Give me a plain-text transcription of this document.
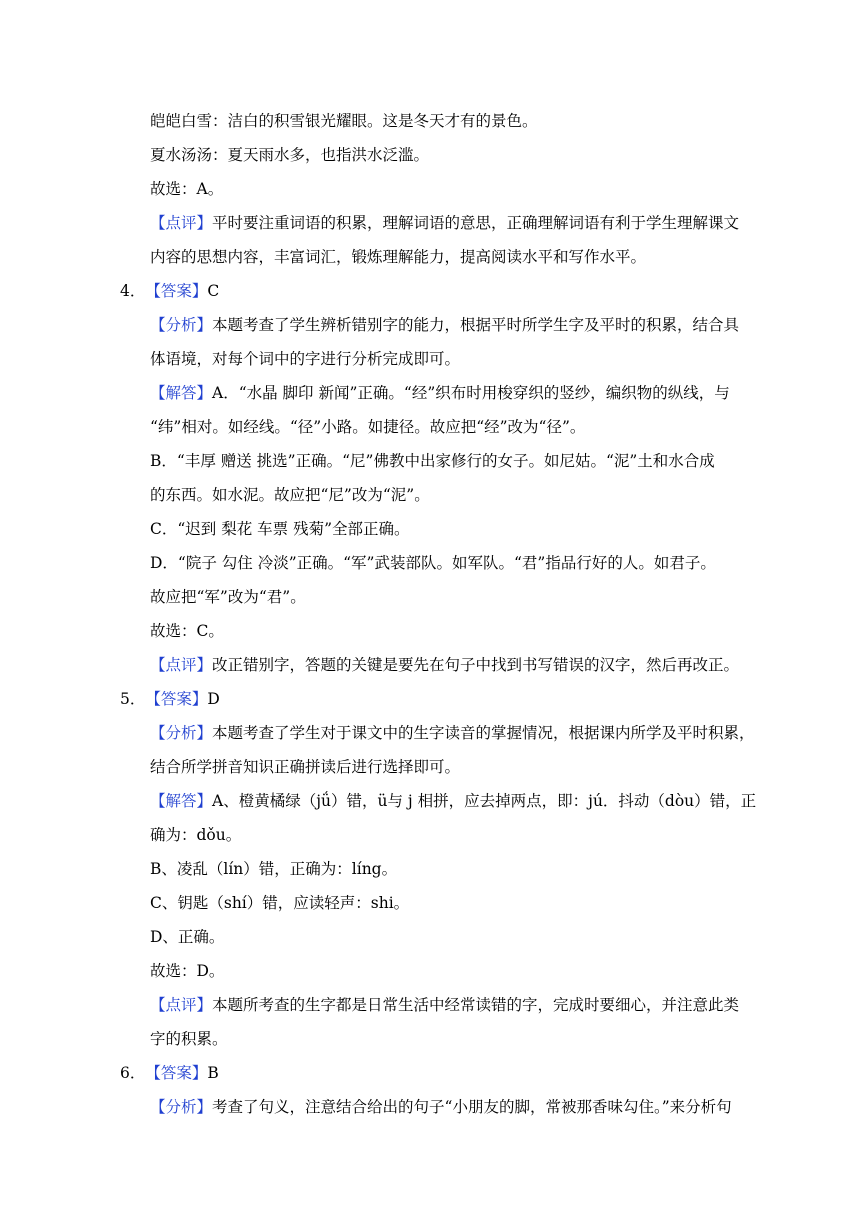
皑皑白雪：洁白的积雪银光耀眼。这是冬天才有的景色。
夏水汤汤：夏天雨水多，也指洪水泛滥。
故选：A。
【点评】平时要注重词语的积累，理解词语的意思，正确理解词语有利于学生理解课文
内容的思想内容，丰富词汇，锻炼理解能力，提高阅读水平和写作水平。
4．【答案】C
【分析】本题考查了学生辨析错别字的能力，根据平时所学生字及平时的积累，结合具
体语境，对每个词中的字进行分析完成即可。
【解答】A．“水晶 脚印 新闻”正确。“经”织布时用梭穿织的竖纱，编织物的纵线，与
“纬”相对。如经线。“径”小路。如捷径。故应把“经”改为“径”。
B．“丰厚 赠送 挑选”正确。“尼”佛教中出家修行的女子。如尼姑。“泥”土和水合成
的东西。如水泥。故应把“尼”改为“泥”。
C．“迟到 梨花 车票 残菊”全部正确。
D．“院子 勾住 冷淡”正确。“军”武装部队。如军队。“君”指品行好的人。如君子。
故应把“军”改为“君”。
故选：C。
【点评】改正错别字，答题的关键是要先在句子中找到书写错误的汉字，然后再改正。
5．【答案】D
【分析】本题考查了学生对于课文中的生字读音的掌握情况，根据课内所学及平时积累，
结合所学拼音知识正确拼读后进行选择即可。
【解答】A、橙黄橘绿（jǘ）错，ü与 j 相拼，应去掉两点，即：jú．抖动（dòu）错，正
确为：dǒu。
B、凌乱（lín）错，正确为：líng。
C、钥匙（shí）错，应读轻声：shi。
D、正确。
故选：D。
【点评】本题所考查的生字都是日常生活中经常读错的字，完成时要细心，并注意此类
字的积累。
6．【答案】B
【分析】考查了句义，注意结合给出的句子“小朋友的脚，常被那香味勾住。”来分析句
